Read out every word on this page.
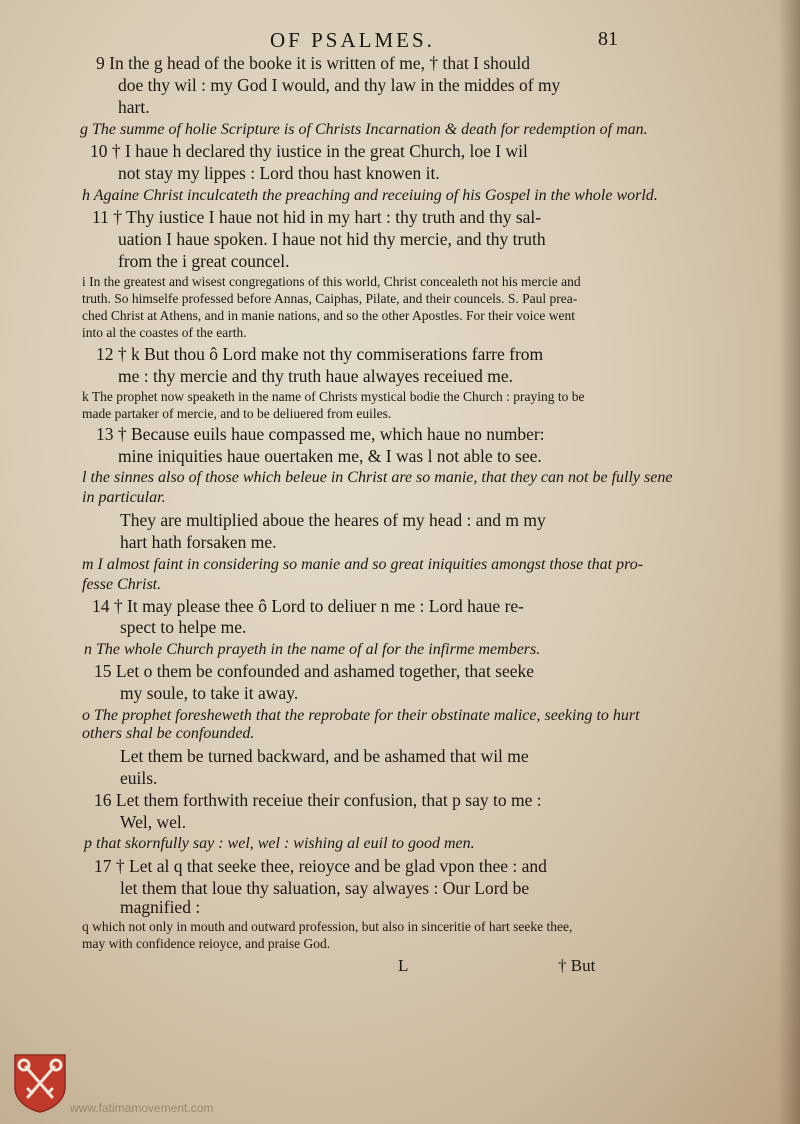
OF PSALMES.	81
9 In the g head of the booke it is written of me, † that I should
doe thy wil : my God I would, and thy law in the middes of my
hart.
g The summe of holie Scripture is of Christs Incarnation & death for redemption of man.
10 † I haue h declared thy iustice in the great Church, loe I wil
not stay my lippes : Lord thou hast knowen it.
h Againe Christ inculcateth the preaching and receiuing of his Gospel in the whole world.
11 † Thy iustice I haue not hid in my hart : thy truth and thy sal-
uation I haue spoken. I haue not hid thy mercie, and thy truth
from the i great councel.
i In the greatest and wisest congregations of this world, Christ concealeth not his mercie and
truth. So himselfe professed before Annas, Caiphas, Pilate, and their councels. S. Paul prea-
ched Christ at Athens, and in manie nations, and so the other Apostles. For their voice went
into al the coastes of the earth.
12 † k But thou ô Lord make not thy commiserations farre from
me : thy mercie and thy truth haue alwayes receiued me.
k The prophet now speaketh in the name of Christs mystical bodie the Church : praying to be
made partaker of mercie, and to be deliuered from euiles.
13 † Because euils haue compassed me, which haue no number:
mine iniquities haue ouertaken me, & I was l not able to see.
l the sinnes also of those which beleue in Christ are so manie, that they can not be fully sene
in particular.
They are multiplied aboue the heares of my head : and m my
hart hath forsaken me.
m I almost faint in considering so manie and so great iniquities amongst those that pro-
fesse Christ.
14 † It may please thee ô Lord to deliuer n me : Lord haue re-
spect to helpe me.
n The whole Church prayeth in the name of al for the infirme members.
15 Let o them be confounded and ashamed together, that seeke
my soule, to take it away.
o The prophet foresheweth that the reprobate for their obstinate malice, seeking to hurt
others shal be confounded.
Let them be turned backward, and be ashamed that wil me
euils.
16 Let them forthwith receiue their confusion, that p say to me :
Wel, wel.
p that skornfully say : wel, wel : wishing al euil to good men.
17 † Let al q that seeke thee, reioyce and be glad vpon thee : and
let them that loue thy saluation, say alwayes : Our Lord be
magnified :
q which not only in mouth and outward profession, but also in sinceritie of hart seeke thee,
may with confidence reioyce, and praise God.
L	† But
www.fatimamovement.com
